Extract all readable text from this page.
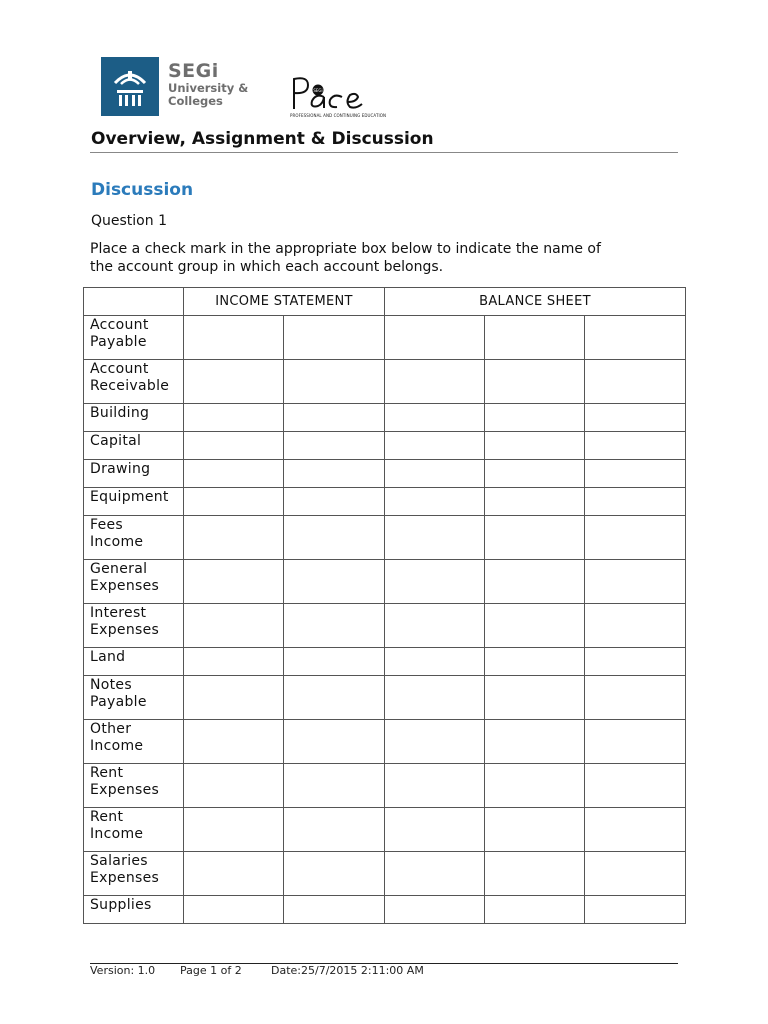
SEGi
University &
Colleges
SEGi
PROFESSIONAL AND CONTINUING EDUCATION
Overview, Assignment & Discussion
Discussion
Question 1
Place a check mark in the appropriate box below to indicate the name of
the account group in which each account belongs.
	INCOME STATEMENT		BALANCE SHEET		

Account
Payable					

Account
Receivable					

Building					

Capital					

Drawing					

Equipment					

Fees
Income					

General
Expenses					

Interest
Expenses					

Land					

Notes
Payable					

Other
Income					

Rent
Expenses					

Rent
Income					

Salaries
Expenses					

Supplies					

Version: 1.0 Page 1 of 2	Date:25/7/2015 2:11:00 AM
